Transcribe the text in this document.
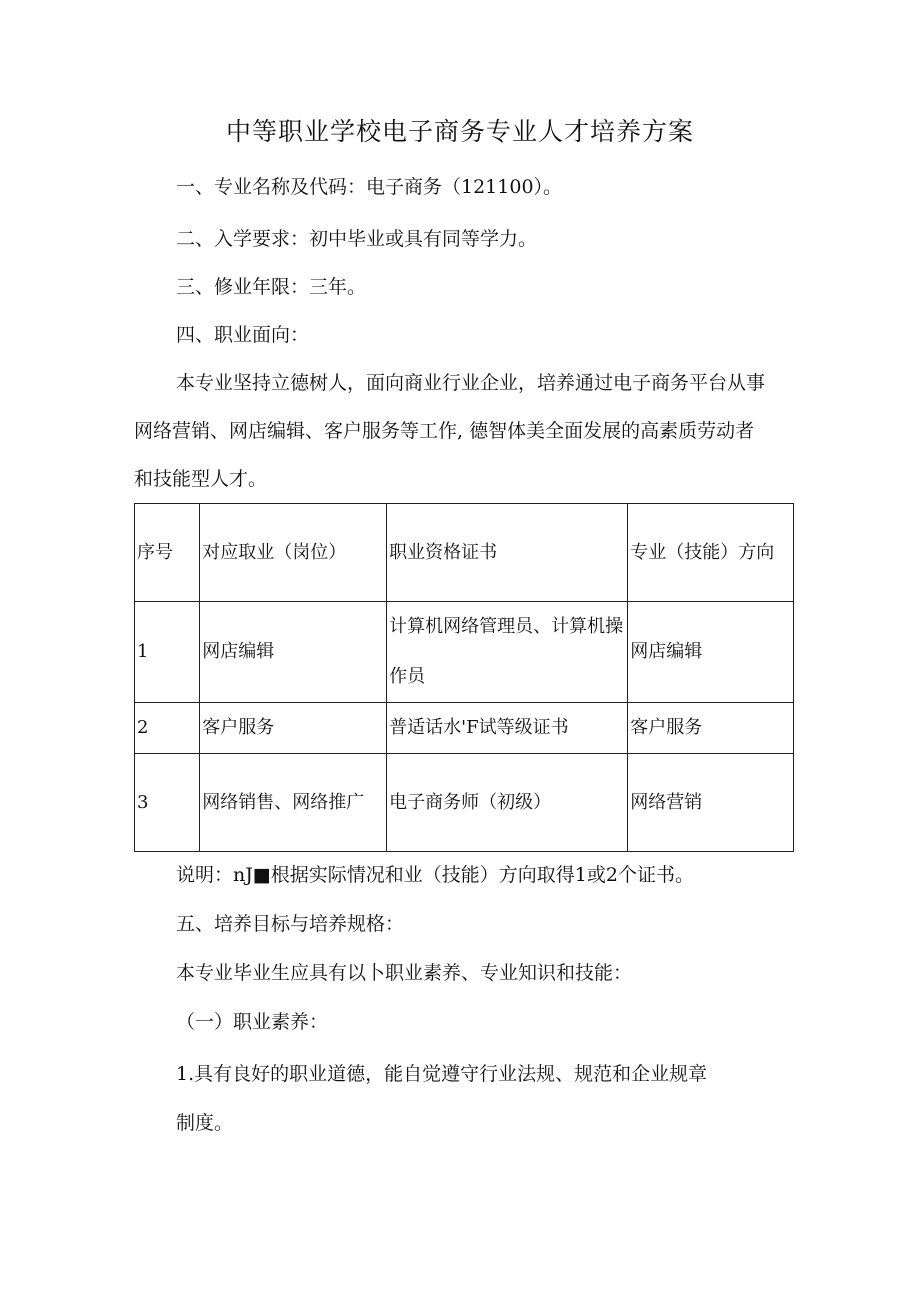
中等职业学校电子商务专业人才培养方案
一、专业名称及代码：电子商务（121100）。
二、入学要求：初中毕业或具有同等学力。
三、修业年限：三年。
四、职业面向：
本专业坚持立德树人，面向商业行业企业，培养通过电子商务平台从事
网络营销、网店编辑、客户服务等工作, 德智体美全面发展的高素质劳动者
和技能型人才。
序号	对应取业（岗位）	职业资格证书	专业（技能）方向
1	网店编辑	计算机网络管理员、计算机操作员	网店编辑
2	客户服务	普适话水'F试等级证书	客户服务
3	网络销售、网络推广	电子商务师（初级）	网络营销
说明：nJ■根据实际情况和业（技能）方向取得1或2个证书。
五、培养目标与培养规格：
本专业毕业生应具有以卜职业素养、专业知识和技能：
（一）职业素养：
1.具有良好的职业道德，能自觉遵守行业法规、规范和企业规章
制度。
